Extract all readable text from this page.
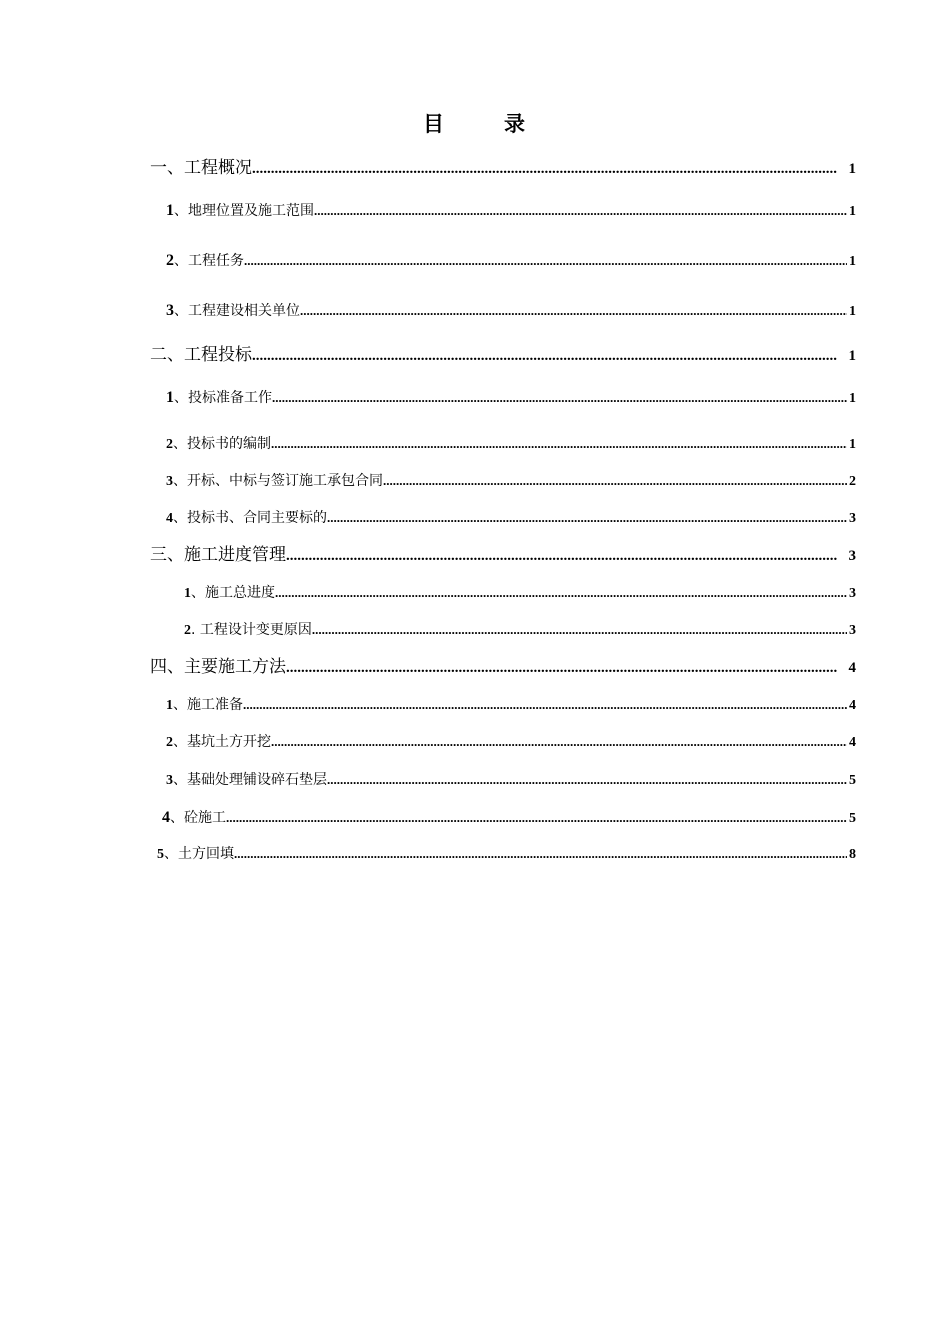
目	录
一、工程概况 .....	1
1 、地理位置及施工范围 .....	1
2 、工程任务 .....	1
3 、工程建设相关单位 .....	1
二、工程投标 .....	1
1 、投标准备工作 .....	1
2 、投标书的编制 .....	1
3 、开标、中标与签订施工承包合同 .....	2
4 、投标书、合同主要标的 .....	3
三、施工进度管理 .....	3
1 、施工总进度 .....	3
2 . 工程设计变更原因 .....	3
四、主要施工方法 .....	4
1 、施工准备 .....	4
2 、基坑土方开挖 .....	4
3 、基础处理铺设碎石垫层 .....	5
4 、砼施工 .....	5
5 、土方回填 .....	8
